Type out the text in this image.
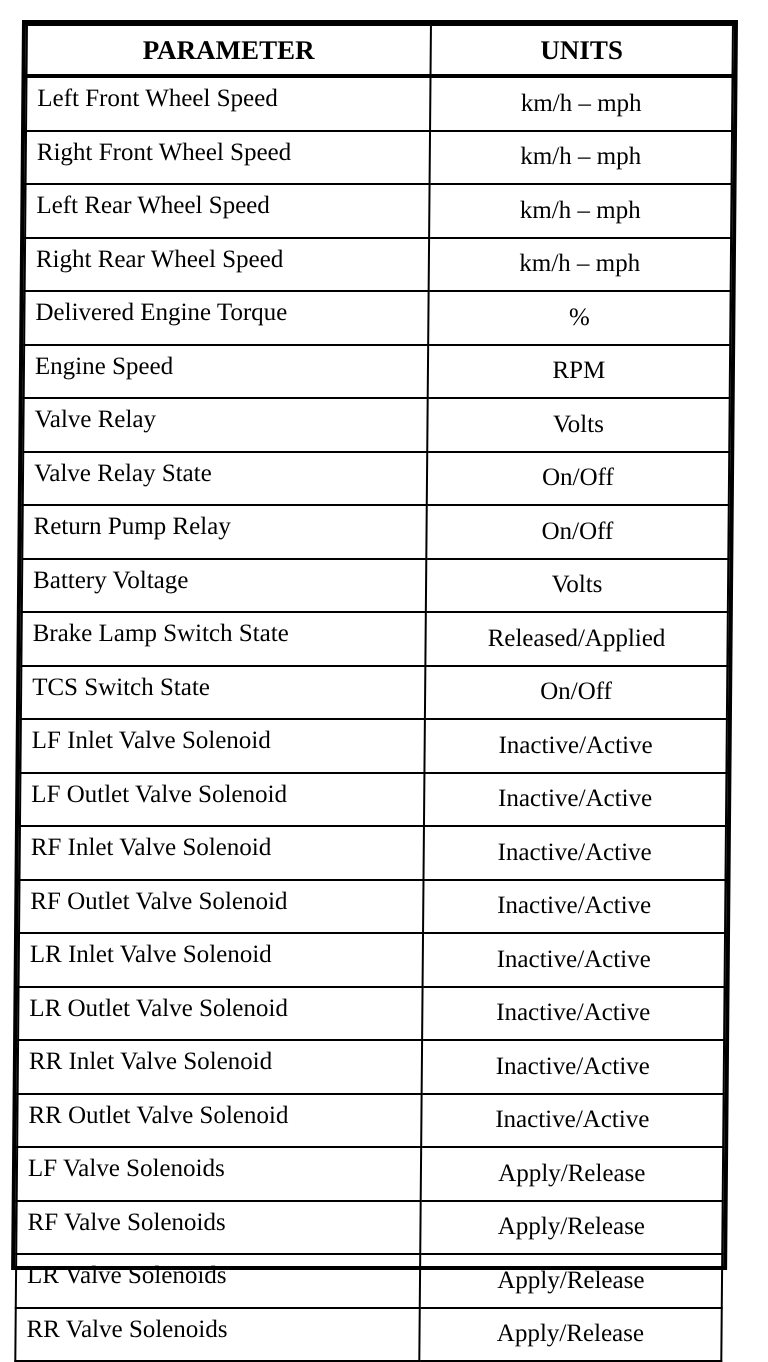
PARAMETER	UNITS
Left Front Wheel Speed	km/h – mph
Right Front Wheel Speed	km/h – mph
Left Rear Wheel Speed	km/h – mph
Right Rear Wheel Speed	km/h – mph
Delivered Engine Torque	%
Engine Speed	RPM
Valve Relay	Volts
Valve Relay State	On/Off
Return Pump Relay	On/Off
Battery Voltage	Volts
Brake Lamp Switch State	Released/Applied
TCS Switch State	On/Off
LF Inlet Valve Solenoid	Inactive/Active
LF Outlet Valve Solenoid	Inactive/Active
RF Inlet Valve Solenoid	Inactive/Active
RF Outlet Valve Solenoid	Inactive/Active
LR Inlet Valve Solenoid	Inactive/Active
LR Outlet Valve Solenoid	Inactive/Active
RR Inlet Valve Solenoid	Inactive/Active
RR Outlet Valve Solenoid	Inactive/Active
LF Valve Solenoids	Apply/Release
RF Valve Solenoids	Apply/Release
LR Valve Solenoids	Apply/Release
RR Valve Solenoids	Apply/Release
